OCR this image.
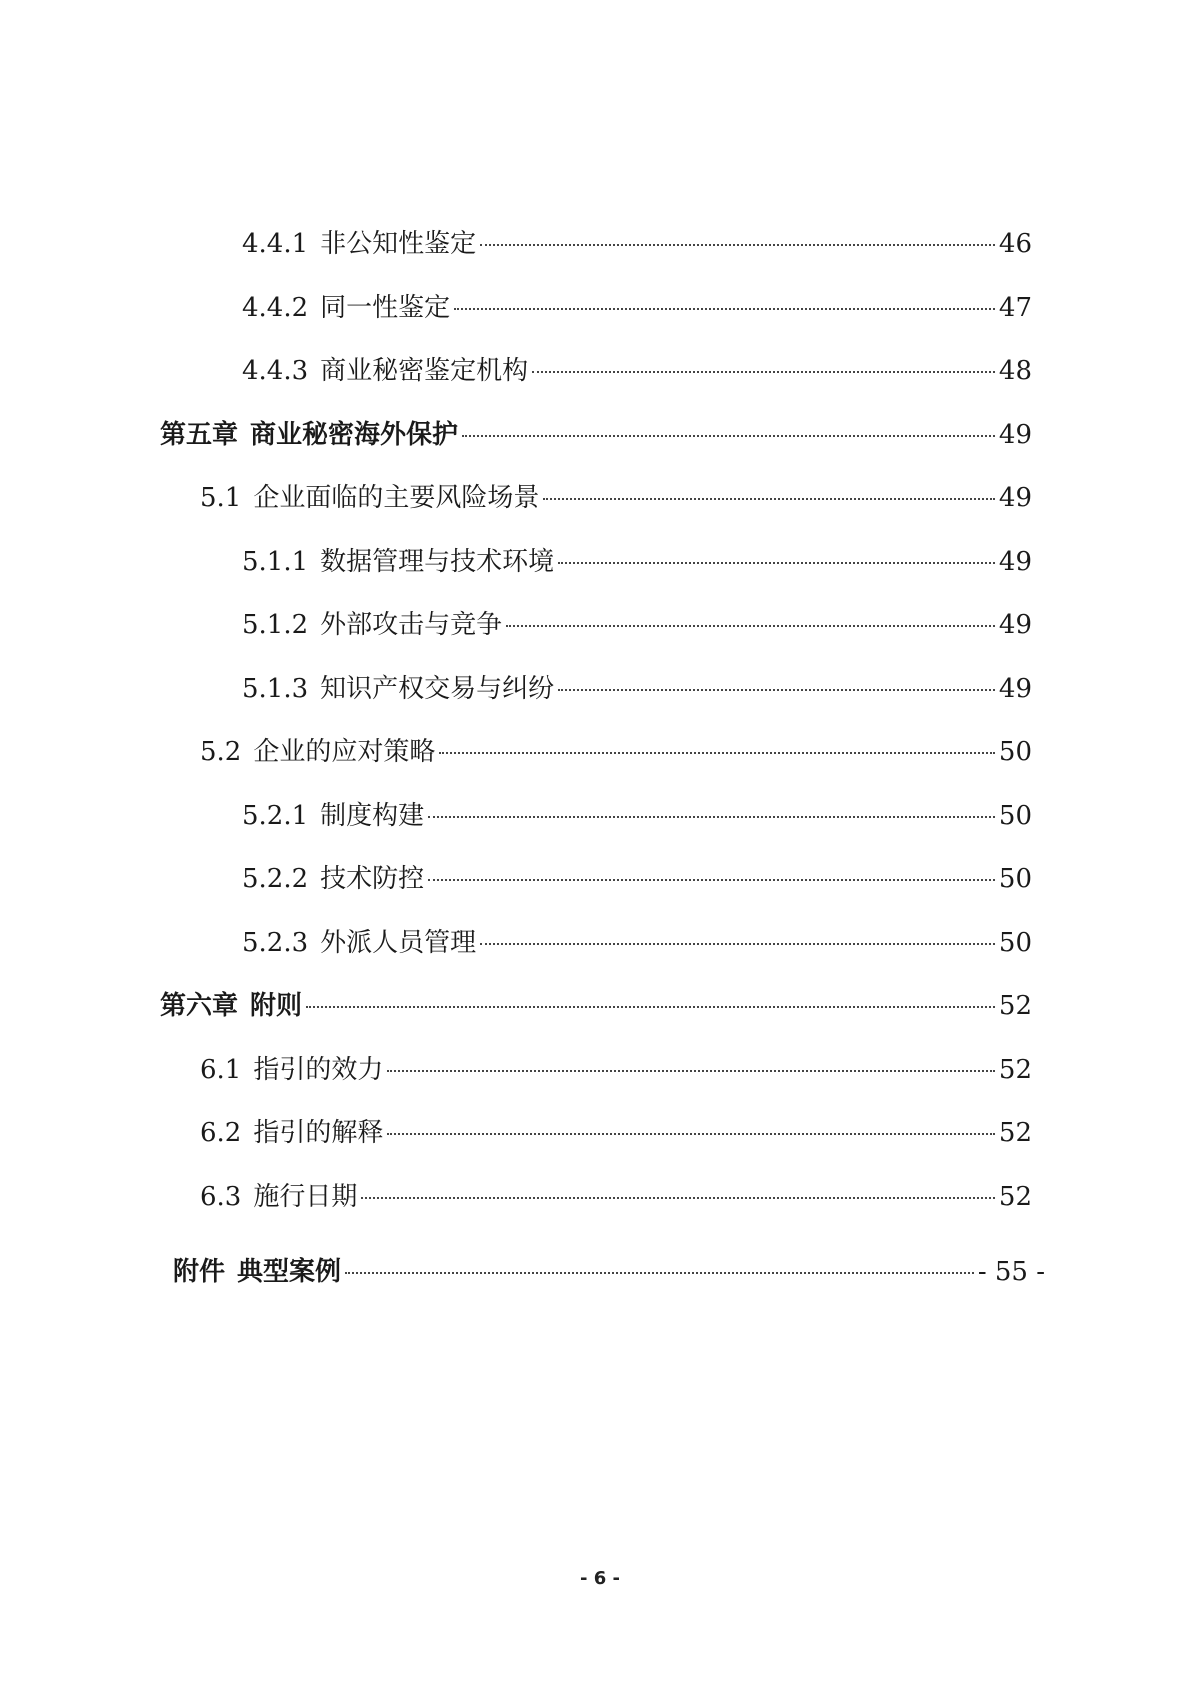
4.4.1 非公知性鉴定	46
4.4.2 同一性鉴定	47
4.4.3 商业秘密鉴定机构	48
第五章 商业秘密海外保护	49
5.1 企业面临的主要风险场景	49
5.1.1 数据管理与技术环境	49
5.1.2 外部攻击与竞争	49
5.1.3 知识产权交易与纠纷	49
5.2 企业的应对策略	50
5.2.1 制度构建	50
5.2.2 技术防控	50
5.2.3 外派人员管理	50
第六章 附则	52
6.1 指引的效力	52
6.2 指引的解释	52
6.3 施行日期	52
附件 典型案例	- 55 -
- 6 -
